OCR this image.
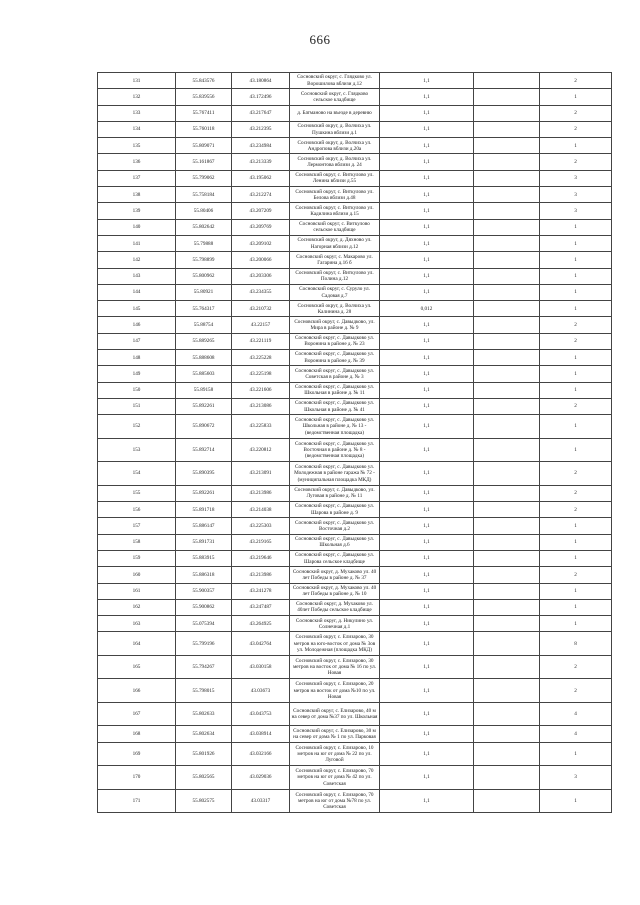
666
131	55.843576	43.180864	Сосновский округ, с. Глядково ул. Ворошилова вблизи д.12	1,1		2
132	55.839556	43.172496	Сосновский округ, с. Глядково сельское кладбище	1,1		1
133	55.767411	43.217647	д. Батманово на въезде в деревню	1,1		2
134	55.760118	43.212395	Сосновский округ, д. Волчиха ул. Пушкина вблизи д.1	1,1		2
135	55.809071	43.234984	Сосновский округ, д. Волчиха ул. Андропова вблизи д.20а	1,1		1
136	55.161867	43.213339	Сосновский округ, д. Волчиха ул. Лермонтова вблизи д. 24	1,1		2
137	55.799062	43.195062	Сосновский округ, с. Виткулово ул. Ленина вблизи д.55	1,1		3
138	55.758184	43.212274	Сосновский округ, с. Виткулово ул. Белова вблизи д.48	1,1		3
139	55.80406	43.207209	Сосновский округ, с. Виткулово ул. Кадилина вблизи д.15	1,1		3
140	55.802642	43.209769	Сосновский округ, с. Виткулово сельское кладбище	1,1		1
141	55.79888	43.209102	Сосновский округ, д. Дяхново ул. Нагорная вблизи д.12	1,1		1
142	55.798899	43.200066	Сосновский округ, с. Макарово ул. Гагарина д.16 б	1,1		1
143	55.800962	43.203306	Сосновский округ, с. Виткулово ул. Полина д.12	1,1		1
144	55.80921	43.234355	Сосновский округ, с. Суруло ул. Садовая д.7	1,1		1
145	55.764317	43.210732	Сосновский округ, д. Волчиха ул. Калинина д. 28	0,012		1
146	55.88754	43.22157	Сосновский округ, с. Давыдково, ул. Мира в районе д. № 9	1,1		2
147	55.889265	43.221119	Сосновский округ, с. Давыдково ул. Воронина в районе д. № 23	1,1		2
148	55.888608	43.225228	Сосновский округ, с. Давыдково ул. Воронина в районе д. № 39	1,1		1
149	55.885603	43.225198	Сосновский округ, с. Давыдково ул. Советская в районе д. № 3	1,1		1
150	55.89158	43.221606	Сосновский округ, с. Давыдково ул. Школьная в районе д. № 11	1,1		1
151	55.892261	43.213086	Сосновский округ, с. Давыдково ул. Школьная в районе д. № 41	1,1		2
152	55.890672	43.225833	Сосновский округ, с. Давыдково ул. Школьная в районе д. № 13 - (ведомственная площадка)	1,1		1
153	55.892714	43.220812	Сосновский округ, с. Давыдково ул. Восточная в районе д. № 8 - (ведомственная площадка)	1,1		1
154	55.890395	43.213091	Сосновский округ, с. Давыдково ул. Молодежная в районе гаража № 72 - (муниципальная площадка МКД)	1,1		2
155	55.892261	43.213986	Сосновский округ, с. Давыдково, ул. Луговая в районе д. № 11	1,1		2
156	55.891718	43.214038	Сосновский округ, с. Давыдково ул. Шарова в районе д. 9	1,1		2
157	55.886147	43.225303	Сосновский округ, с. Давыдково ул. Восточная д.2	1,1		1
158	55.891731	43.219165	Сосновский округ, с. Давыдково ул. Школьная д.6	1,1		1
159	55.883915	43.219646	Сосновский округ, с. Давыдково ул. Шарова сельское кладбище	1,1		1
160	55.886318	43.213986	Сосновский округ, д. Мухаково ул. 40 лет Победы в районе д. № 37	1,1		2
161	55.900357	43.241278	Сосновский округ, д. Мухаково ул. 40 лет Победы в районе д. № 10	1,1		1
162	55.900862	43.247487	Сосновский округ, д. Мухаково ул. 40лет Победы сельское кладбище	1,1		1
163	55.075394	43.264925	Сосновский округ, д. Никулино ул. Солнечная д.1	1,1		1
164	55.799196	43.042764	Сосновский округ, с. Елизарово, 30 метров на юго-восток от дома № 3ов ул. Молодежная (площадка МКД)	1,1		8
165	55.794267	43.030158	Сосновский округ, с. Елизарово, 30 метров на восток от дома № 16 по ул. Новая	1,1		2
166	55.798015	43.03673	Сосновский округ, с. Елизарово, 20 метров на восток от дома №10 по ул. Новая	1,1		2
167	55.802633	43.043753	Сосновский округ, с. Елизарово, 40 м на север от дома №37 по ул. Школьная	1,1		4
168	55.802634	43.038914	Сосновский округ, с. Елизарово, 30 м на север от дома № 1 по ул. Парковая	1,1		4
169	55.801926	43.032166	Сосновский округ, с. Елизарово, 10 метров на юг от дома № 22 по ул. Луговой	1,1		1
170	55.802565	43.029036	Сосновский округ, с. Елизарово, 70 метров на юг от дома № 42 по ул. Советская	1,1		3
171	55.802575	43.03317	Сосновский округ, с. Елизарово, 70 метров на юг от дома №78 по ул. Советская	1,1		1
